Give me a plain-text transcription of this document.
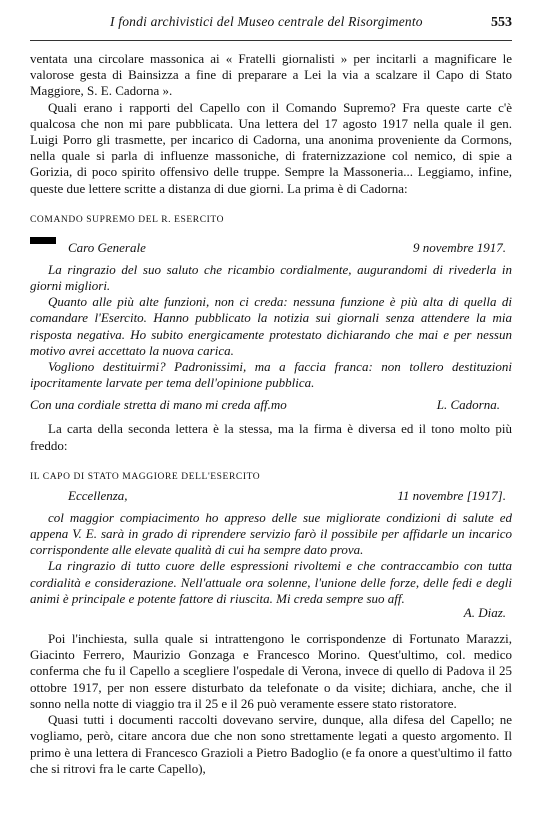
I fondi archivistici del Museo centrale del Risorgimento	553

ventata una circolare massonica ai « Fratelli giornalisti » per incitarli a magnificare le valorose gesta di Bainsizza a fine di preparare a Lei la via a scalzare il Capo di Stato Maggiore, S. E. Cadorna ».

Quali erano i rapporti del Capello con il Comando Supremo? Fra queste carte c'è qualcosa che non mi pare pubblicata. Una lettera del 17 agosto 1917 nella quale il gen. Luigi Porro gli trasmette, per incarico di Cadorna, una anonima proveniente da Cormons, nella quale si parla di influenze massoniche, di fraternizzazione col nemico, di spie a Gorizia, di poco spirito offensivo delle truppe. Sempre la Massoneria... Leggiamo, infine, queste due lettere scritte a distanza di due giorni. La prima è di Cadorna:

COMANDO SUPREMO DEL R. ESERCITO
Caro Generale	9 novembre 1917.

La ringrazio del suo saluto che ricambio cordialmente, augurandomi di rivederla in giorni migliori.

Quanto alle più alte funzioni, non ci creda: nessuna funzione è più alta di quella di comandare l'Esercito. Hanno pubblicato la notizia sui giornali senza attendere la mia risposta negativa. Ho subito energicamente protestato dichiarando che mai e per nessun motivo avrei accettato la nuova carica.

Vogliono destituirmi? Padronissimi, ma a faccia franca: non tollero destituzioni ipocritamente larvate per tema dell'opinione pubblica.

Con una cordiale stretta di mano mi creda aff.mo	L. Cadorna.

La carta della seconda lettera è la stessa, ma la firma è diversa ed il tono molto più freddo:

IL CAPO DI STATO MAGGIORE DELL'ESERCITO
Eccellenza,	11 novembre [1917].

col maggior compiacimento ho appreso delle sue migliorate condizioni di salute ed appena V. E. sarà in grado di riprendere servizio farò il possibile per affidarle un incarico corrispondente alle elevate qualità di cui ha sempre dato prova.

La ringrazio di tutto cuore delle espressioni rivoltemi e che contraccambio con tutta cordialità e considerazione. Nell'attuale ora solenne, l'unione delle forze, delle fedi e degli animi è principale e potente fattore di riuscita. Mi creda sempre suo aff.

A. Diaz.

Poi l'inchiesta, sulla quale si intrattengono le corrispondenze di Fortunato Marazzi, Giacinto Ferrero, Maurizio Gonzaga e Francesco Morino. Quest'ultimo, col. medico conferma che fu il Capello a scegliere l'ospedale di Verona, invece di quello di Padova il 25 ottobre 1917, per non essere disturbato da telefonate o da visite; dichiara, anche, che il sonno nella notte di viaggio tra il 25 e il 26 può veramente essere stato ristoratore.

Quasi tutti i documenti raccolti dovevano servire, dunque, alla difesa del Capello; ne vogliamo, però, citare ancora due che non sono strettamente legati a questo argomento. Il primo è una lettera di Francesco Grazioli a Pietro Badoglio (e fa onore a quest'ultimo il fatto che si ritrovi fra le carte Capello),
